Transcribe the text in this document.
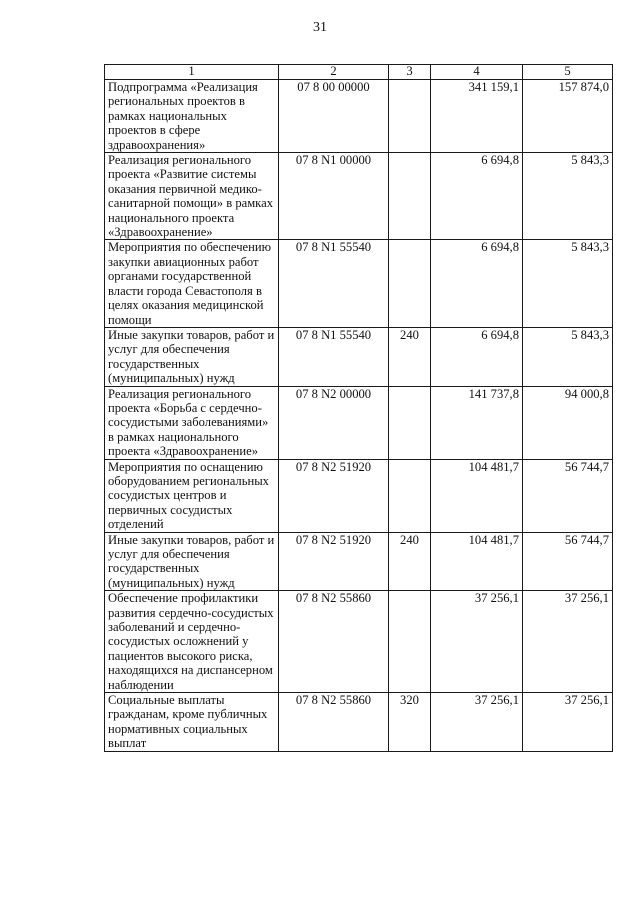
31
1	2	3	4	5
Подпрограмма «Реализация региональных проектов в рамках национальных проектов в сфере здравоохранения»	07 8 00 00000		341 159,1	157 874,0
Реализация регионального проекта «Развитие системы оказания первичной медико-санитарной помощи» в рамках национального проекта «Здравоохранение»	07 8 N1 00000		6 694,8	5 843,3
Мероприятия по обеспечению закупки авиационных работ органами государственной власти города Севастополя в целях оказания медицинской помощи	07 8 N1 55540		6 694,8	5 843,3
Иные закупки товаров, работ и услуг для обеспечения государственных (муниципальных) нужд	07 8 N1 55540	240	6 694,8	5 843,3
Реализация регионального проекта «Борьба с сердечно-сосудистыми заболеваниями» в рамках национального проекта «Здравоохранение»	07 8 N2 00000		141 737,8	94 000,8
Мероприятия по оснащению оборудованием региональных сосудистых центров и первичных сосудистых отделений	07 8 N2 51920		104 481,7	56 744,7
Иные закупки товаров, работ и услуг для обеспечения государственных (муниципальных) нужд	07 8 N2 51920	240	104 481,7	56 744,7
Обеспечение профилактики развития сердечно-сосудистых заболеваний и сердечно-сосудистых осложнений у пациентов высокого риска, находящихся на диспансерном наблюдении	07 8 N2 55860		37 256,1	37 256,1
Социальные выплаты гражданам, кроме публичных нормативных социальных выплат	07 8 N2 55860	320	37 256,1	37 256,1
